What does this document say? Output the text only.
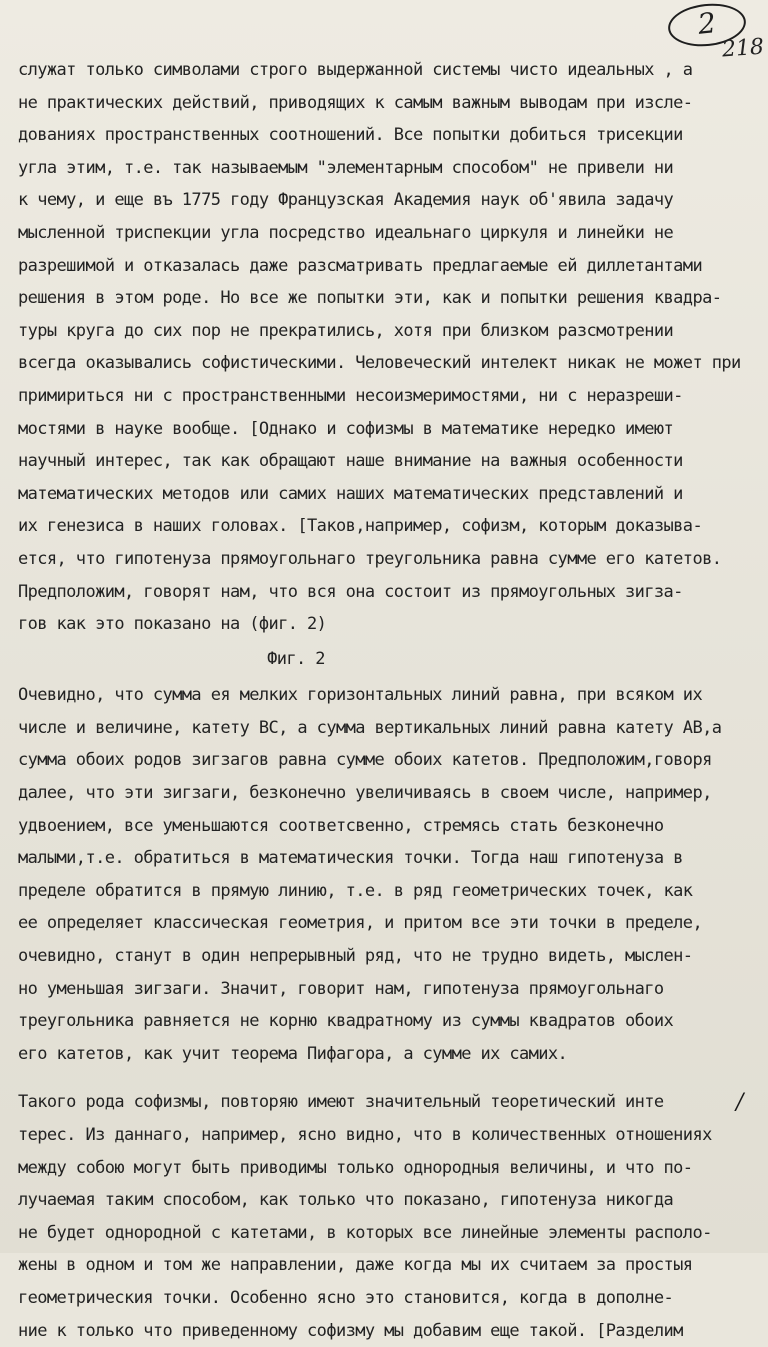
2
218
служат только символами строго выдержанной системы чисто идеальных , а
не практических действий, приводящих к самым важным выводам при изсле-
дованиях пространственных соотношений. Все попытки добиться трисекции
угла этим, т.е. так называемым "элементарным способом" не привели ни
к чему, и еще въ 1775 году Французская Академия наук об'явила задачу
мысленной триспекции угла посредство идеальнаго циркуля и линейки не
разрешимой и отказалась даже разсматривать предлагаемые ей диллетантами
решения в этом роде. Но все же попытки эти, как и попытки решения квадра-
туры круга до сих пор не прекратились, хотя при близком разсмотрении
всегда оказывались софистическими. Человеческий интелект никак не может при
примириться ни с пространственными несоизмеримостями, ни с неразреши-
мостями в науке вообще. [Однако и софизмы в математике нередко имеют
научный интерес, так как обращают наше внимание на важныя особенности
математических методов или самих наших математических представлений и
их генезиса в наших головах. [Таков,например, софизм, которым доказыва-
ется, что гипотенуза прямоугольнаго треугольника равна сумме его катетов.
Предположим, говорят нам, что вся она состоит из прямоугольных зигза-
гов как это показано на (фиг. 2)
Фиг. 2
Очевидно, что сумма ея мелких горизонтальных линий равна, при всяком их
числе и величине, катету ВС, а сумма вертикальных линий равна катету АВ,а
сумма обоих родов зигзагов равна сумме обоих катетов. Предположим,говоря
далее, что эти зигзаги, безконечно увеличиваясь в своем числе, например,
удвоением, все уменьшаются соответсвенно, стремясь стать безконечно
малыми,т.е. обратиться в математическия точки. Тогда наш гипотенуза в
пределе обратится в прямую линию, т.е. в ряд геометрических точек, как
ее определяет классическая геометрия, и притом все эти точки в пределе,
очевидно, станут в один непрерывный ряд, что не трудно видеть, мыслен-
но уменьшая зигзаги. Значит, говорит нам, гипотенуза прямоугольнаго
треугольника равняется не корню квадратному из суммы квадратов обоих
его катетов, как учит теорема Пифагора, а сумме их самих.
Такого рода софизмы, повторяю имеют значительный теоретический инте
терес. Из даннаго, например, ясно видно, что в количественных отношениях
между собою могут быть приводимы только однородныя величины, и что по-
лучаемая таким способом, как только что показано, гипотенуза никогда
не будет однородной с катетами, в которых все линейные элементы располо-
жены в одном и том же направлении, даже когда мы их считаем за простыя
геометрическия точки. Особенно ясно это становится, когда в дополне-
ние к только что приведенному софизму мы добавим еще такой. [Разделим
/
